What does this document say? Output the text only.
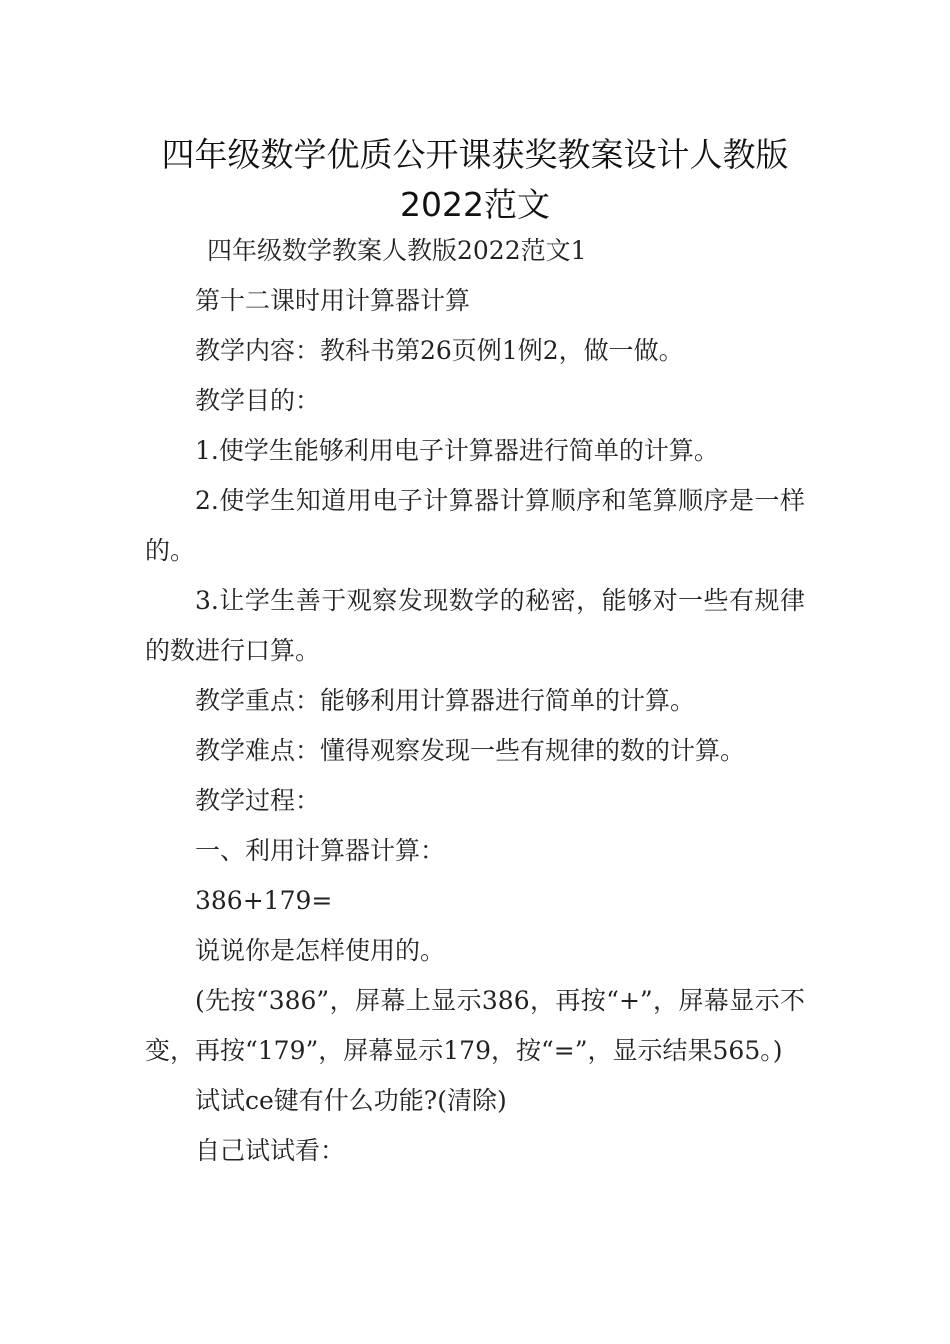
四年级数学优质公开课获奖教案设计人教版2022范文

四年级数学教案人教版2022范文1

第十二课时用计算器计算

教学内容：教科书第26页例1例2，做一做。

教学目的：

1.使学生能够利用电子计算器进行简单的计算。

2.使学生知道用电子计算器计算顺序和笔算顺序是一样的。

3.让学生善于观察发现数学的秘密，能够对一些有规律的数进行口算。

教学重点：能够利用计算器进行简单的计算。

教学难点：懂得观察发现一些有规律的数的计算。

教学过程：

一、利用计算器计算：

386+179=

说说你是怎样使用的。

(先按“386”，屏幕上显示386，再按“+”，屏幕显示不变，再按“179”，屏幕显示179，按“=”，显示结果565。)

试试ce键有什么功能?(清除)

自己试试看：
